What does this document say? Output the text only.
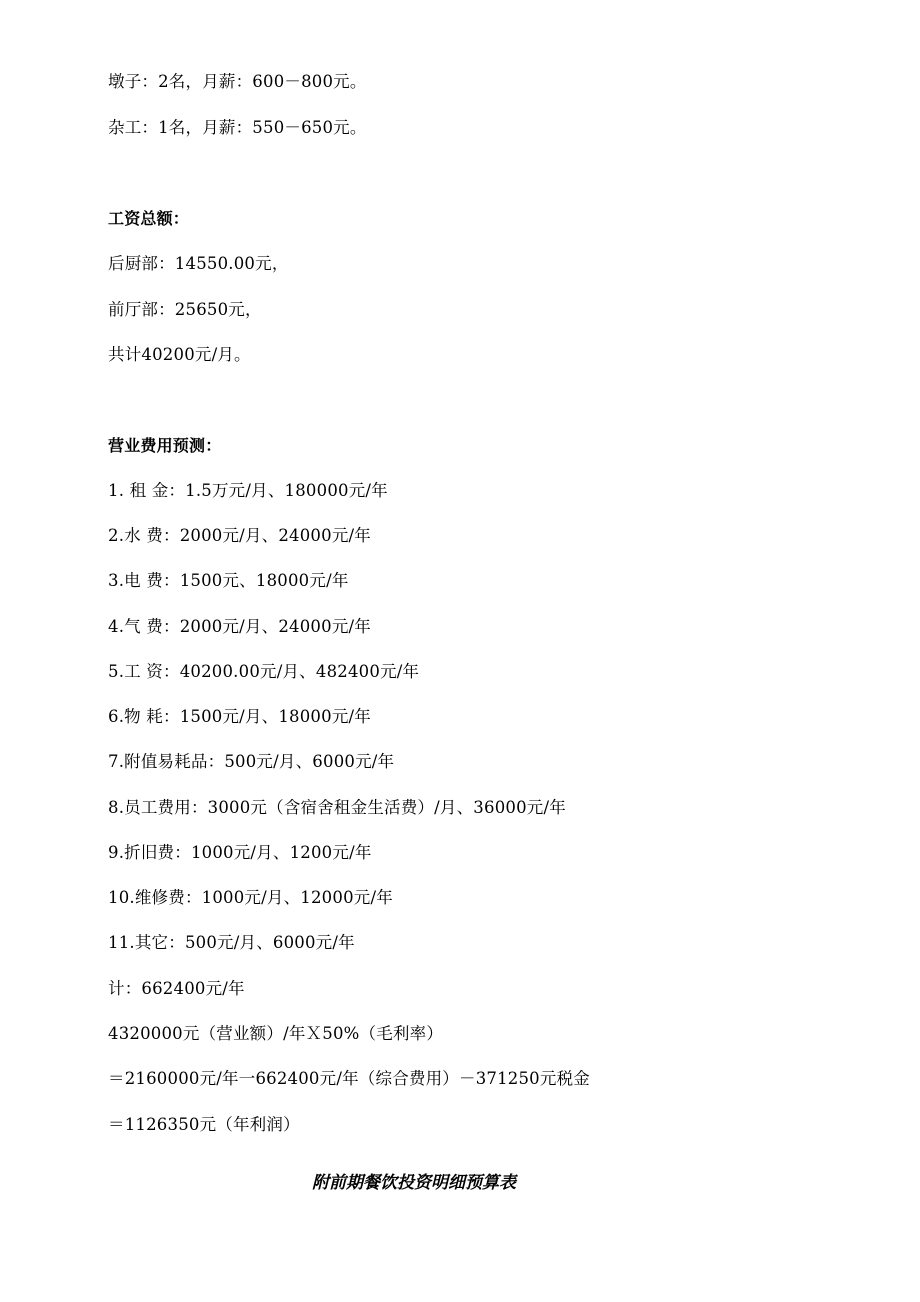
墩子：2名，月薪：600－800元。
杂工：1名，月薪：550－650元。
工资总额：
后厨部：14550.00元，
前厅部：25650元，
共计40200元/月。
营业费用预测：
1. 租 金：1.5万元/月、180000元/年
2.水 费：2000元/月、24000元/年
3.电 费：1500元、18000元/年
4.气 费：2000元/月、24000元/年
5.工 资：40200.00元/月、482400元/年
6.物 耗：1500元/月、18000元/年
7.附值易耗品：500元/月、6000元/年
8.员工费用：3000元（含宿舍租金生活费）/月、36000元/年
9.折旧费：1000元/月、1200元/年
10.维修费：1000元/月、12000元/年
11.其它：500元/月、6000元/年
计：662400元/年
4320000元（营业额）/年Ｘ50%（毛利率）
＝2160000元/年一662400元/年（综合费用）－371250元税金
＝1126350元（年利润）
附前期餐饮投资明细预算表
